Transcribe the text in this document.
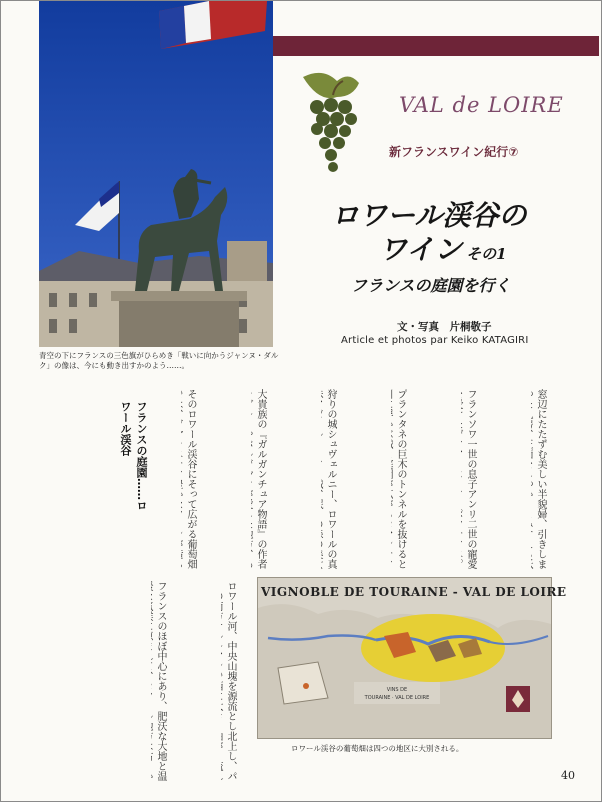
青空の下にフランスの三色旗がひらめき「戦いに向かうジャンヌ・ダルク」の像は、今にも動き出すかのよう……。
VAL de LOIRE
新フランスワイン紀行⑦
ロワール渓谷の
ワイン その1
フランスの庭園を行く
文・写真　片桐敬子
Article et photos par Keiko KATAGIRI
窓辺にたたずむ美しい半貌婦、引きしま
フランソワ一世の息子アンリ二世の寵愛
プランタネの巨木のトンネルを抜けると
狩りの城シュヴェルニー、ロワールの真
大貴族の『ガルガンチュア物語』の作者
そのロワール渓谷にそって広がる葡萄畑
フランスの庭園……ロワール渓谷
ロワール河、中央山塊を源流とし北上し、パ
フランスのほぼ中心にあり、肥沃な大地と温
VINS DE
TOURAINE · VAL DE LOIRE
VIGNOBLE DE TOURAINE - VAL DE LOIRE
ロワール渓谷の葡萄畑は四つの地区に大別される。
40
